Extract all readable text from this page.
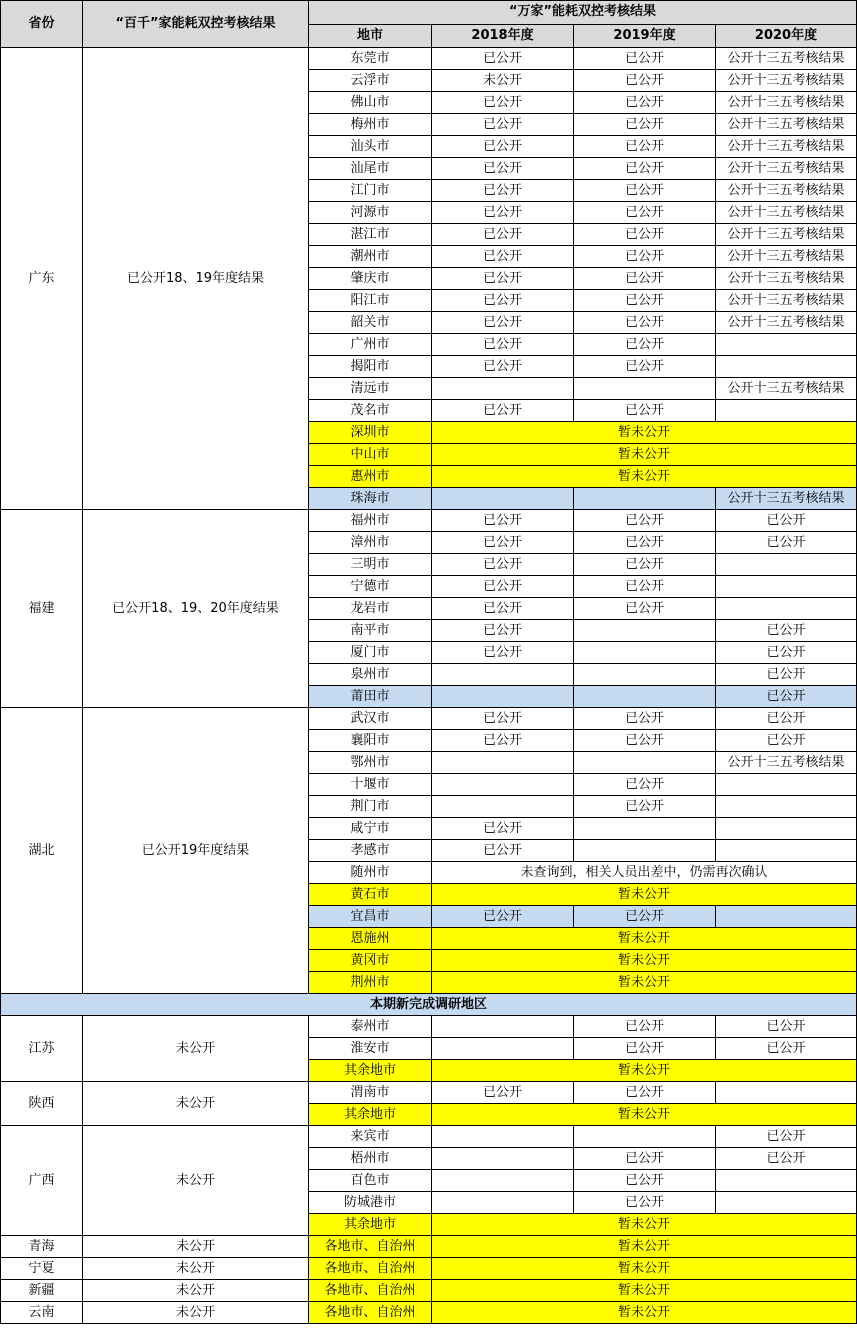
省份	“百千”家能耗双控考核结果	“万家”能耗双控考核结果			
		地市	2018年度	2019年度	2020年度
广东	已公开18、19年度结果	东莞市	已公开	已公开	公开十三五考核结果
		云浮市	未公开	已公开	公开十三五考核结果
		佛山市	已公开	已公开	公开十三五考核结果
		梅州市	已公开	已公开	公开十三五考核结果
		汕头市	已公开	已公开	公开十三五考核结果
		汕尾市	已公开	已公开	公开十三五考核结果
		江门市	已公开	已公开	公开十三五考核结果
		河源市	已公开	已公开	公开十三五考核结果
		湛江市	已公开	已公开	公开十三五考核结果
		潮州市	已公开	已公开	公开十三五考核结果
		肇庆市	已公开	已公开	公开十三五考核结果
		阳江市	已公开	已公开	公开十三五考核结果
		韶关市	已公开	已公开	公开十三五考核结果
		广州市	已公开	已公开	
		揭阳市	已公开	已公开	
		清远市			公开十三五考核结果
		茂名市	已公开	已公开	
		深圳市	暂未公开		
		中山市	暂未公开		
		惠州市	暂未公开		
		珠海市			公开十三五考核结果
福建	已公开18、19、20年度结果	福州市	已公开	已公开	已公开
		漳州市	已公开	已公开	已公开
		三明市	已公开	已公开	
		宁德市	已公开	已公开	
		龙岩市	已公开	已公开	
		南平市	已公开		已公开
		厦门市	已公开		已公开
		泉州市			已公开
		莆田市			已公开
湖北	已公开19年度结果	武汉市	已公开	已公开	已公开
		襄阳市	已公开	已公开	已公开
		鄂州市			公开十三五考核结果
		十堰市		已公开	
		荆门市		已公开	
		咸宁市	已公开		
		孝感市	已公开		
		随州市	未查询到，相关人员出差中，仍需再次确认		
		黄石市	暂未公开		
		宜昌市	已公开	已公开	
		恩施州	暂未公开		
		黄冈市	暂未公开		
		荆州市	暂未公开		
本期新完成调研地区					
江苏	未公开	泰州市		已公开	已公开
		淮安市		已公开	已公开
		其余地市	暂未公开		
陕西	未公开	渭南市	已公开	已公开	
		其余地市	暂未公开		
广西	未公开	来宾市			已公开
		梧州市		已公开	已公开
		百色市		已公开	
		防城港市		已公开	
		其余地市	暂未公开		
青海	未公开	各地市、自治州	暂未公开		
宁夏	未公开	各地市、自治州	暂未公开		
新疆	未公开	各地市、自治州	暂未公开		
云南	未公开	各地市、自治州	暂未公开		
